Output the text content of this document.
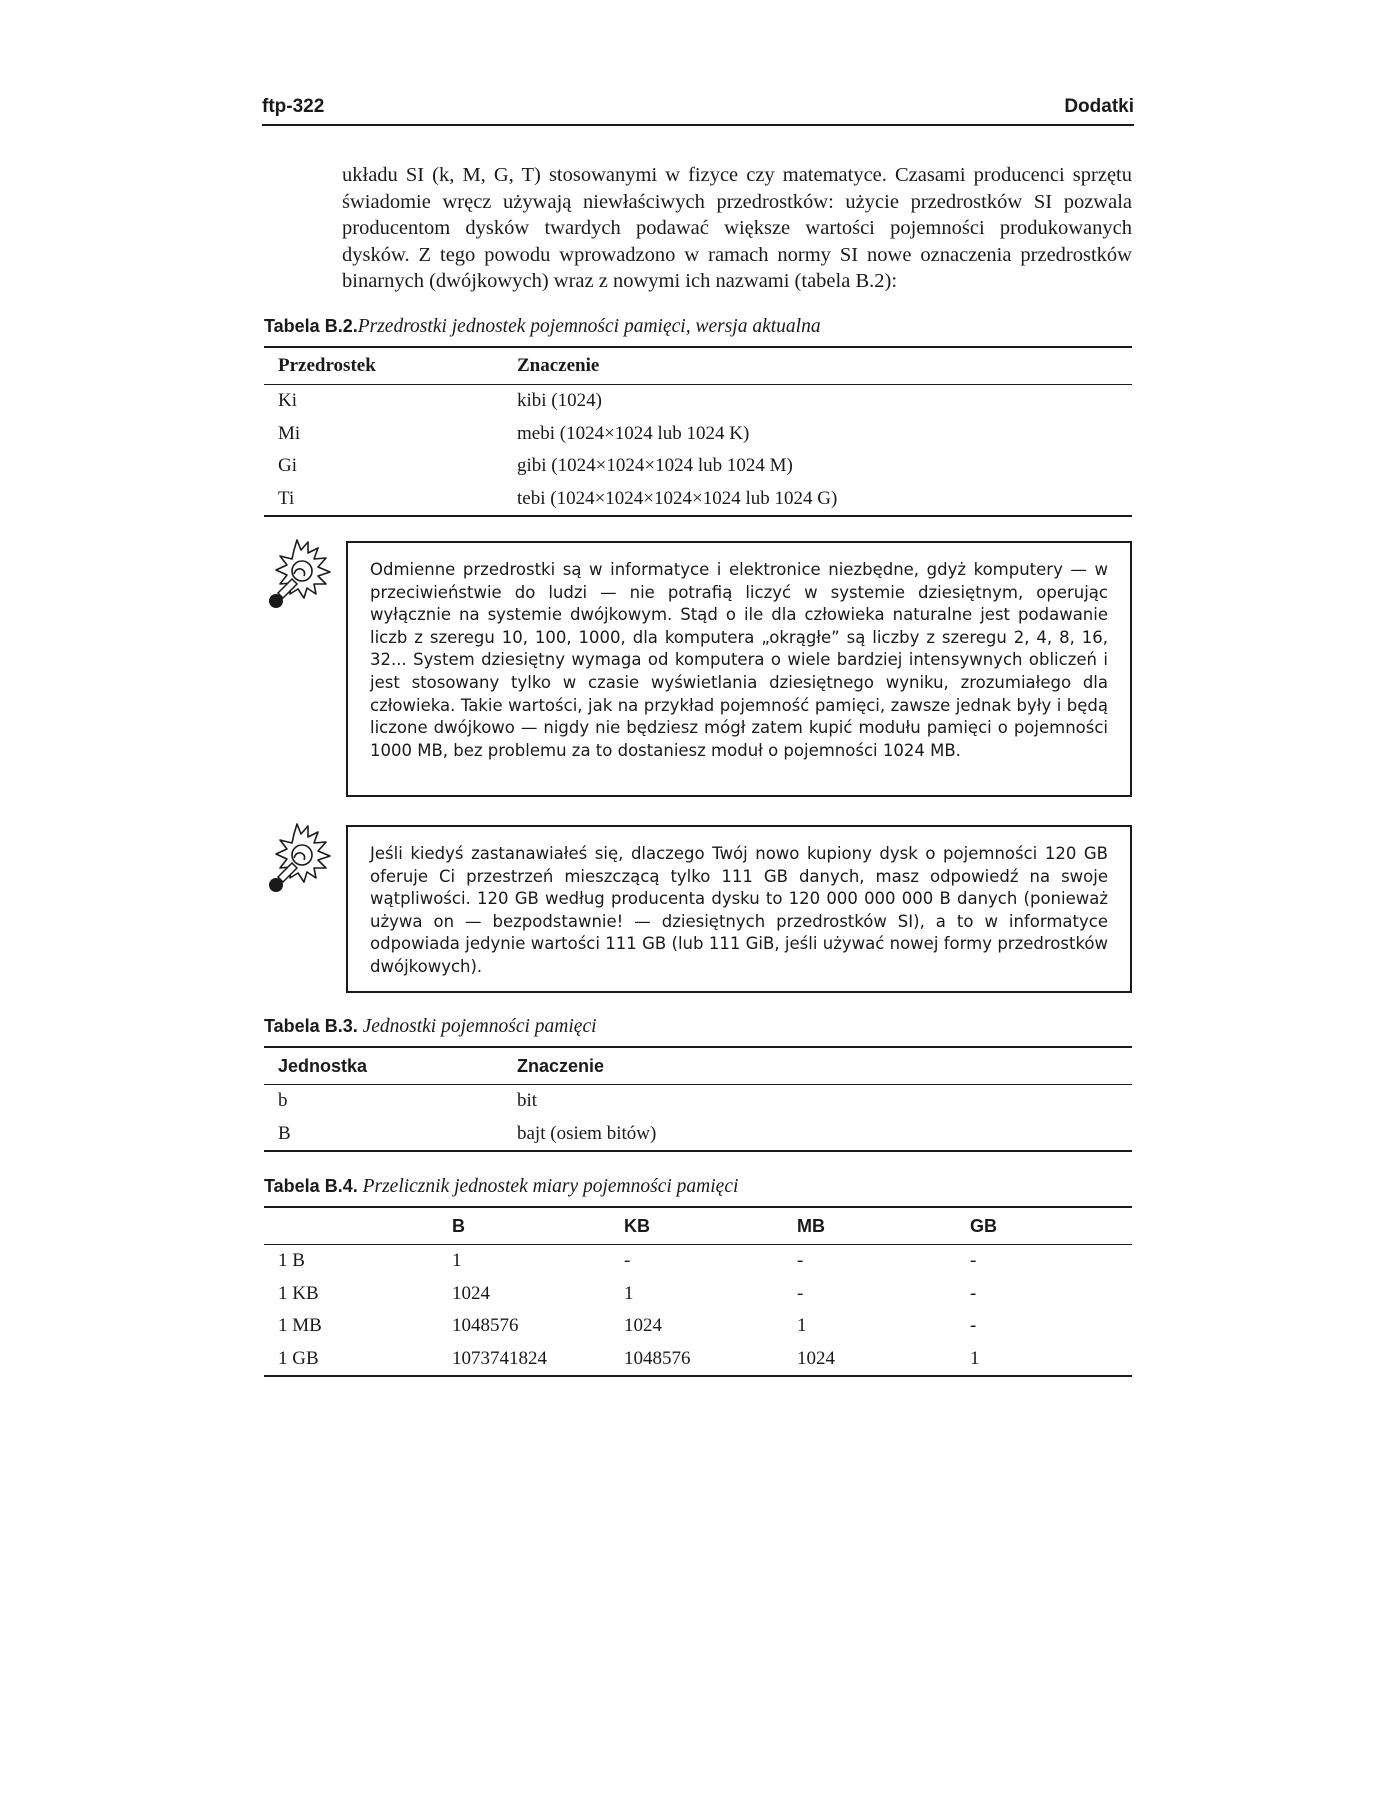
ftp-322	Dodatki

układu SI (k, M, G, T) stosowanymi w fizyce czy matematyce. Czasami producenci sprzętu świadomie wręcz używają niewłaściwych przedrostków: użycie przedrostków SI pozwala producentom dysków twardych podawać większe wartości pojemności produkowanych dysków. Z tego powodu wprowadzono w ramach normy SI nowe oznaczenia przedrostków binarnych (dwójkowych) wraz z nowymi ich nazwami (tabela B.2):

Tabela B.2.Przedrostki jednostek pojemności pamięci, wersja aktualna
Przedrostek	Znaczenie
Ki	kibi (1024)
Mi	mebi (1024×1024 lub 1024 K)
Gi	gibi (1024×1024×1024 lub 1024 M)
Ti	tebi (1024×1024×1024×1024 lub 1024 G)

Odmienne przedrostki są w informatyce i elektronice niezbędne, gdyż komputery — w przeciwieństwie do ludzi — nie potrafią liczyć w systemie dziesiętnym, operując wyłącznie na systemie dwójkowym. Stąd o ile dla człowieka naturalne jest podawanie liczb z szeregu 10, 100, 1000, dla komputera „okrągłe” są liczby z szeregu 2, 4, 8, 16, 32... System dziesiętny wymaga od komputera o wiele bardziej intensywnych obliczeń i jest stosowany tylko w czasie wyświetlania dziesiętnego wyniku, zrozumiałego dla człowieka. Takie wartości, jak na przykład pojemność pamięci, zawsze jednak były i będą liczone dwójkowo — nigdy nie będziesz mógł zatem kupić modułu pamięci o pojemności 1000 MB, bez problemu za to dostaniesz moduł o pojemności 1024 MB.

Jeśli kiedyś zastanawiałeś się, dlaczego Twój nowo kupiony dysk o pojemności 120 GB oferuje Ci przestrzeń mieszczącą tylko 111 GB danych, masz odpowiedź na swoje wątpliwości. 120 GB według producenta dysku to 120 000 000 000 B danych (ponieważ używa on — bezpodstawnie! — dziesiętnych przedrostków SI), a to w informatyce odpowiada jedynie wartości 111 GB (lub 111 GiB, jeśli używać nowej formy przedrostków dwójkowych).

Tabela B.3. Jednostki pojemności pamięci
Jednostka	Znaczenie
b	bit
B	bajt (osiem bitów)
Tabela B.4. Przelicznik jednostek miary pojemności pamięci
	B	KB	MB	GB
1 B	1	-	-	-
1 KB	1024	1	-	-
1 MB	1048576	1024	1	-
1 GB	1073741824	1048576	1024	1
